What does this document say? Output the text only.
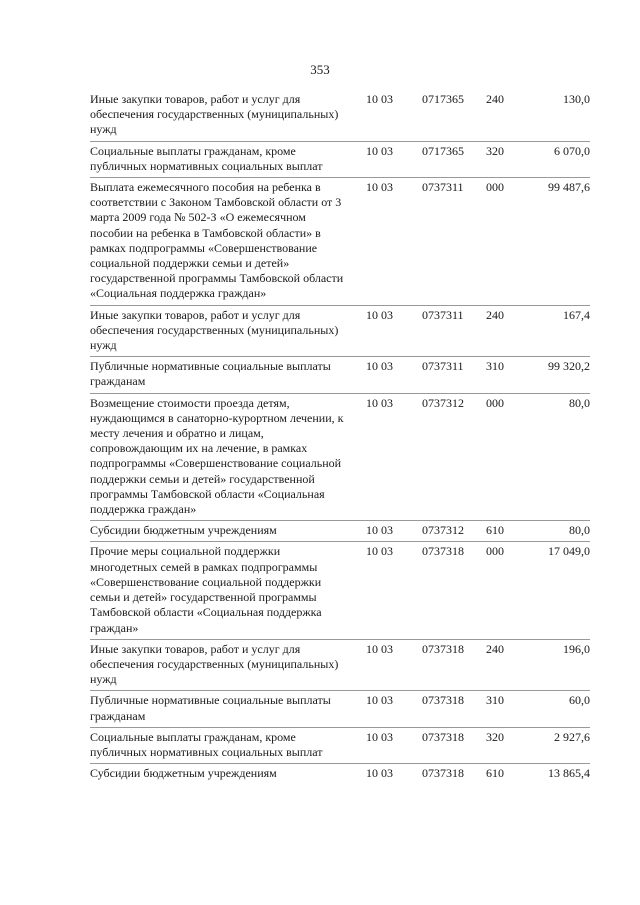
353
Иные закупки товаров, работ и услуг для обеспечения государственных (муниципальных) нужд
10 03	0717365	240	130,0
Социальные выплаты гражданам, кроме публичных нормативных социальных выплат
10 03	0717365	320	6 070,0
Выплата ежемесячного пособия на ребенка в соответствии с Законом Тамбовской области от 3 марта 2009 года № 502-З «О ежемесячном пособии на ребенка в Тамбовской области» в рамках подпрограммы «Совершенствование социальной поддержки семьи и детей» государственной программы Тамбовской области «Социальная поддержка граждан»
10 03	0737311	000	99 487,6
Иные закупки товаров, работ и услуг для обеспечения государственных (муниципальных) нужд
10 03	0737311	240	167,4
Публичные нормативные социальные выплаты гражданам
10 03	0737311	310	99 320,2
Возмещение стоимости проезда детям, нуждающимся в санаторно-курортном лечении, к месту лечения и обратно и лицам, сопровождающим их на лечение, в рамках подпрограммы «Совершенствование социальной поддержки семьи и детей» государственной программы Тамбовской области «Социальная поддержка граждан»
10 03	0737312	000	80,0
Субсидии бюджетным учреждениям	10 03	0737312	610	80,0
Прочие меры социальной поддержки многодетных семей в рамках подпрограммы «Совершенствование социальной поддержки семьи и детей» государственной программы Тамбовской области «Социальная поддержка граждан»
10 03	0737318	000	17 049,0
Иные закупки товаров, работ и услуг для обеспечения государственных (муниципальных) нужд
10 03	0737318	240	196,0
Публичные нормативные социальные выплаты гражданам
10 03	0737318	310	60,0
Социальные выплаты гражданам, кроме публичных нормативных социальных выплат
10 03	0737318	320	2 927,6
Субсидии бюджетным учреждениям	10 03	0737318	610	13 865,4
